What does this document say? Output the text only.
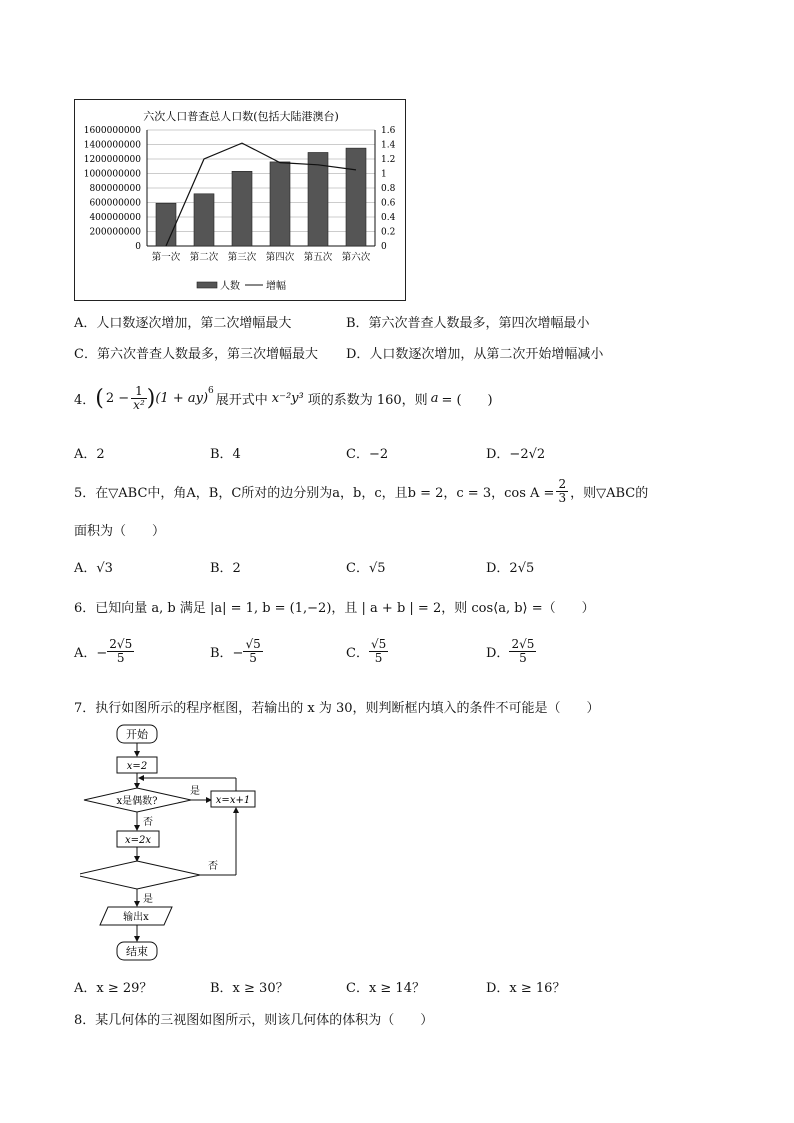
六次人口普查总人口数(包括大陆港澳台)
0
200000000
400000000
600000000
800000000
1000000000
1200000000
1400000000
1600000000
0
0.2
0.4
0.6
0.8
1
1.2
1.4
1.6
第一次 第二次 第三次 第四次 第五次 第六次
人数	增幅
A．人口数逐次增加，第二次增幅最大	B．第六次普查人数最多，第四次增幅最小
C．第六次普查人数最多，第三次增幅最大 D．人口数逐次增加，从第二次开始增幅减小
4． ( $2 - \frac{1}{\text{x²}}$ ) (1 + ay)$^6$
展开式中 x⁻²y³ 项的系数为 160，则 a = (　　)
A．2	B．4	C．−2	D．−2√2
5．在▽ABC中，角A，B，C所对的边分别为a，b，c，且b = 2，c = 3，$\cos A = \frac{2}{3}$ ，则▽ABC的
面积为（　　）
A．√3	B．2	C．√5	D．2√5
6．已知向量 a, b 满足 |a| = 1, b = (1,−2)，且 | a + b | = 2，则 cos⟨a, b⟩ =（　　）
A．− $\frac{2√5}{5}$	B．− $\frac{√5}{5}$	C． $\frac{√5}{5}$	D． $\frac{2√5}{5}$
7．执行如图所示的程序框图，若输出的 x 为 30，则判断框内填入的条件不可能是（　　）
开始
x=2
x是偶数?
是
x=x+1
否
x=2x
否
是
输出x
结束
A．x ≥ 29？	B．x ≥ 30？	C．x ≥ 14？	D．x ≥ 16？
8．某几何体的三视图如图所示，则该几何体的体积为（　　）
